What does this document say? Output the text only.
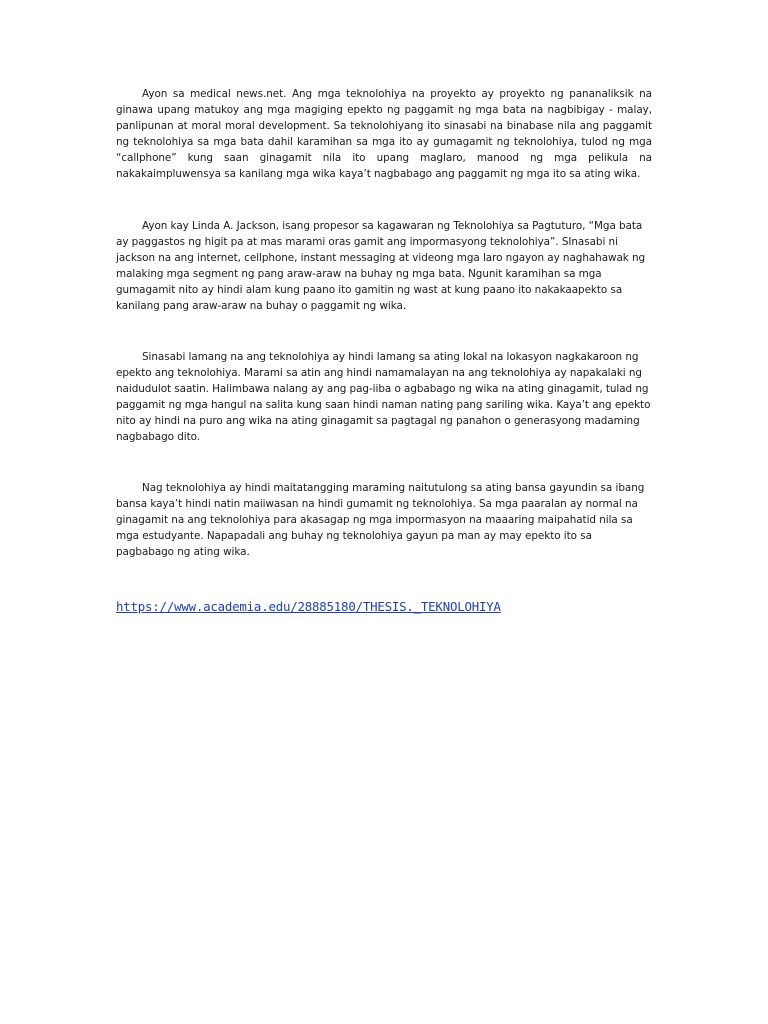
Ayon sa medical news.net. Ang mga teknolohiya na proyekto ay proyekto ng pananaliksik na ginawa upang matukoy ang mga magiging epekto ng paggamit ng mga bata na nagbibigay - malay, panlipunan at moral moral development. Sa teknolohiyang ito sinasabi na binabase nila ang paggamit ng teknolohiya sa mga bata dahil karamihan sa mga ito ay gumagamit ng teknolohiya, tulod ng mga “callphone” kung saan ginagamit nila ito upang maglaro, manood ng mga pelikula na nakakaimpluwensya sa kanilang mga wika kaya’t nagbabago ang paggamit ng mga ito sa ating wika.

Ayon kay Linda A. Jackson, isang propesor sa kagawaran ng Teknolohiya sa Pagtuturo, “Mga bata ay paggastos ng higit pa at mas marami oras gamit ang impormasyong teknolohiya”. SInasabi ni jackson na ang internet, cellphone, instant messaging at videong mga laro ngayon ay naghahawak ng malaking mga segment ng pang araw-araw na buhay ng mga bata. Ngunit karamihan sa mga gumagamit nito ay hindi alam kung paano ito gamitin ng wast at kung paano ito nakakaapekto sa kanilang pang araw-araw na buhay o paggamit ng wika.

Sinasabi lamang na ang teknolohiya ay hindi lamang sa ating lokal na lokasyon nagkakaroon ng epekto ang teknolohiya. Marami sa atin ang hindi namamalayan na ang teknolohiya ay napakalaki ng naidudulot saatin. Halimbawa nalang ay ang pag-iiba o agbabago ng wika na ating ginagamit, tulad ng paggamit ng mga hangul na salita kung saan hindi naman nating pang sariling wika. Kaya’t ang epekto nito ay hindi na puro ang wika na ating ginagamit sa pagtagal ng panahon o generasyong madaming nagbabago dito.

Nag teknolohiya ay hindi maitatangging maraming naitutulong sa ating bansa gayundin sa ibang bansa kaya’t hindi natin maiiwasan na hindi gumamit ng teknolohiya. Sa mga paaralan ay normal na ginagamit na ang teknolohiya para akasagap ng mga impormasyon na maaaring maipahatid nila sa mga estudyante. Napapadali ang buhay ng teknolohiya gayun pa man ay may epekto ito sa pagbabago ng ating wika.

https://www.academia.edu/28885180/THESIS._TEKNOLOHIYA
